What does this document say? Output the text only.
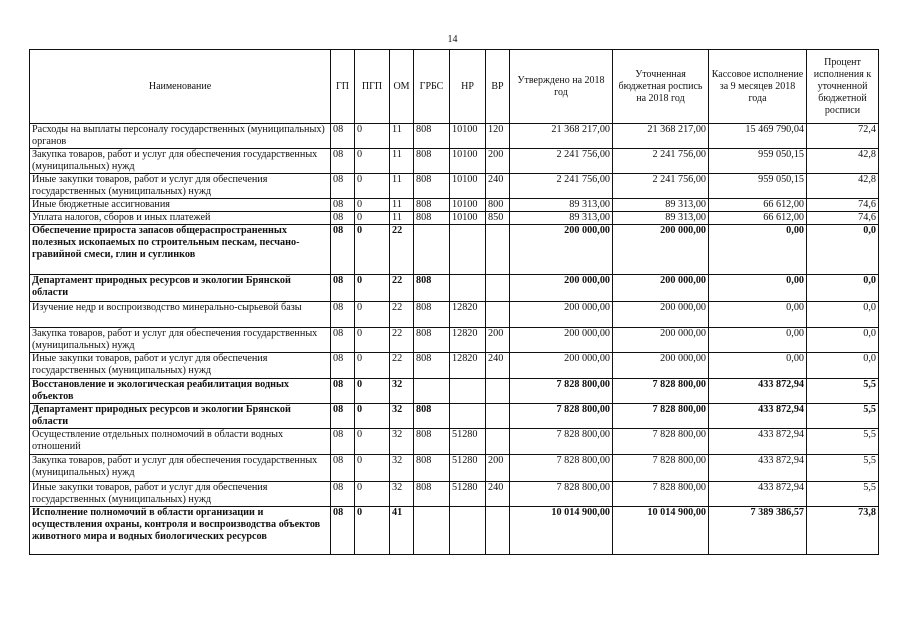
14
Наименование	ГП	ПГП	ОМ	ГРБС	НР	ВР	Утверждено на 2018 год	Уточненная бюджетная роспись на 2018 год	Кассовое исполнение за 9 месяцев 2018 года	Процент исполнения к уточненной бюджетной росписи
Расходы на выплаты персоналу государственных (муниципальных) органов	08	0	11	808	10100	120	21 368 217,00	21 368 217,00	15 469 790,04	72,4
Закупка товаров, работ и услуг для обеспечения государственных (муниципальных) нужд	08	0	11	808	10100	200	2 241 756,00	2 241 756,00	959 050,15	42,8
Иные закупки товаров, работ и услуг для обеспечения государственных (муниципальных) нужд	08	0	11	808	10100	240	2 241 756,00	2 241 756,00	959 050,15	42,8
Иные бюджетные ассигнования	08	0	11	808	10100	800	89 313,00	89 313,00	66 612,00	74,6
Уплата налогов, сборов и иных платежей	08	0	11	808	10100	850	89 313,00	89 313,00	66 612,00	74,6
Обеспечение прироста запасов общераспространенных полезных ископаемых по строительным пескам, песчано-гравийной смеси, глин и суглинков	08	0	22				200 000,00	200 000,00	0,00	0,0
Департамент природных ресурсов и экологии Брянской области	08	0	22	808			200 000,00	200 000,00	0,00	0,0
Изучение недр и воспроизводство минерально-сырьевой базы	08	0	22	808	12820		200 000,00	200 000,00	0,00	0,0
Закупка товаров, работ и услуг для обеспечения государственных (муниципальных) нужд	08	0	22	808	12820	200	200 000,00	200 000,00	0,00	0,0
Иные закупки товаров, работ и услуг для обеспечения государственных (муниципальных) нужд	08	0	22	808	12820	240	200 000,00	200 000,00	0,00	0,0
Восстановление и экологическая реабилитация водных объектов	08	0	32				7 828 800,00	7 828 800,00	433 872,94	5,5
Департамент природных ресурсов и экологии Брянской области	08	0	32	808			7 828 800,00	7 828 800,00	433 872,94	5,5
Осуществление отдельных полномочий в области водных отношений	08	0	32	808	51280		7 828 800,00	7 828 800,00	433 872,94	5,5
Закупка товаров, работ и услуг для обеспечения государственных (муниципальных) нужд	08	0	32	808	51280	200	7 828 800,00	7 828 800,00	433 872,94	5,5
Иные закупки товаров, работ и услуг для обеспечения государственных (муниципальных) нужд	08	0	32	808	51280	240	7 828 800,00	7 828 800,00	433 872,94	5,5
Исполнение полномочий в области организации и осуществления охраны, контроля и воспроизводства объектов животного мира и водных биологических ресурсов	08	0	41				10 014 900,00	10 014 900,00	7 389 386,57	73,8
